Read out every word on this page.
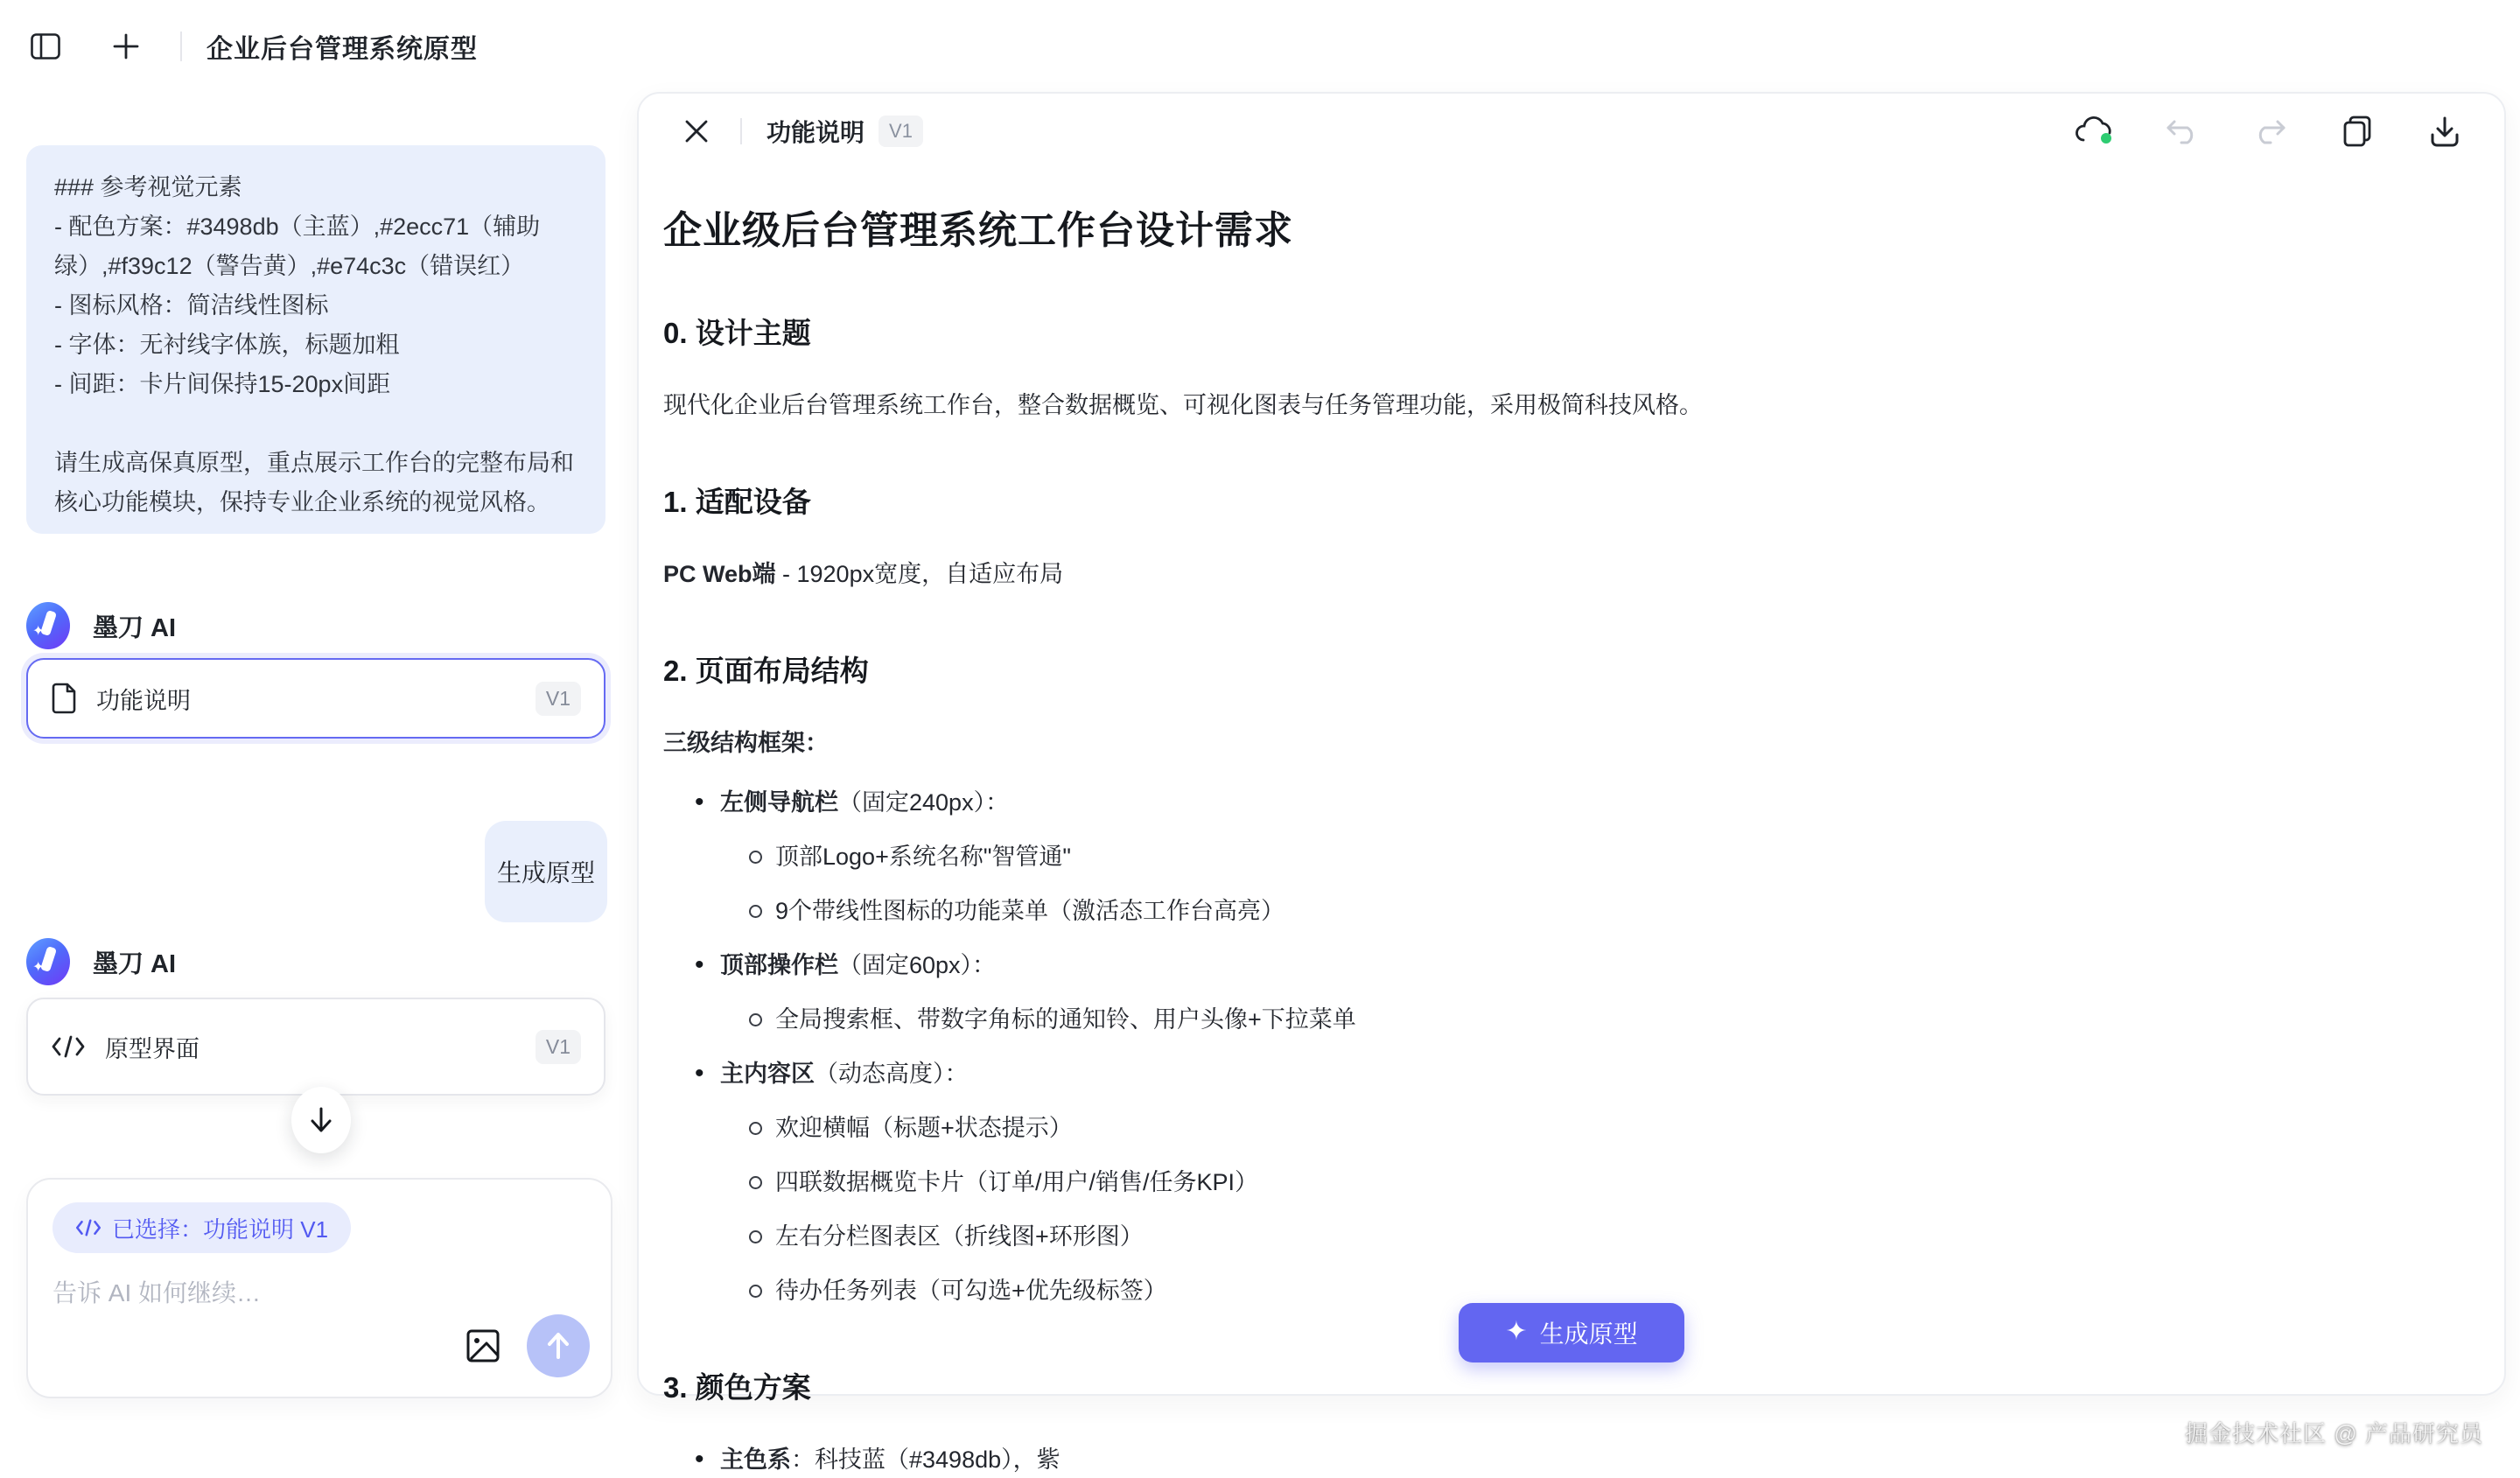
企业后台管理系统原型

### 参考视觉元素

- 配色方案：#3498db（主蓝）,#2ecc71（辅助绿）,#f39c12（警告黄）,#e74c3c（错误红）

- 图标风格：简洁线性图标

- 字体：无衬线字体族，标题加粗

- 间距：卡片间保持15-20px间距

请生成高保真原型，重点展示工作台的完整布局和核心功能模块，保持专业企业系统的视觉风格。

✦ 墨刀 AI
功能说明	V1
生成原型
✦ 墨刀 AI
原型界面	V1
已选择：功能说明 V1
告诉 AI 如何继续…
功能说明	V1
企业级后台管理系统工作台设计需求
0. 设计主题

现代化企业后台管理系统工作台，整合数据概览、可视化图表与任务管理功能，采用极简科技风格。

1. 适配设备

PC Web端 - 1920px宽度，自适应布局

2. 页面布局结构

三级结构框架：

• 左侧导航栏（固定240px）：
顶部Logo+系统名称"智管通"
9个带线性图标的功能菜单（激活态工作台高亮）
• 顶部操作栏（固定60px）：
全局搜索框、带数字角标的通知铃、用户头像+下拉菜单
• 主内容区（动态高度）：
欢迎横幅（标题+状态提示）
四联数据概览卡片（订单/用户/销售/任务KPI）
左右分栏图表区（折线图+环形图）
待办任务列表（可勾选+优先级标签）
3. 颜色方案
• 主色系：科技蓝（#3498db），紫
✦ 生成原型
掘金技术社区 @ 产品研究员
